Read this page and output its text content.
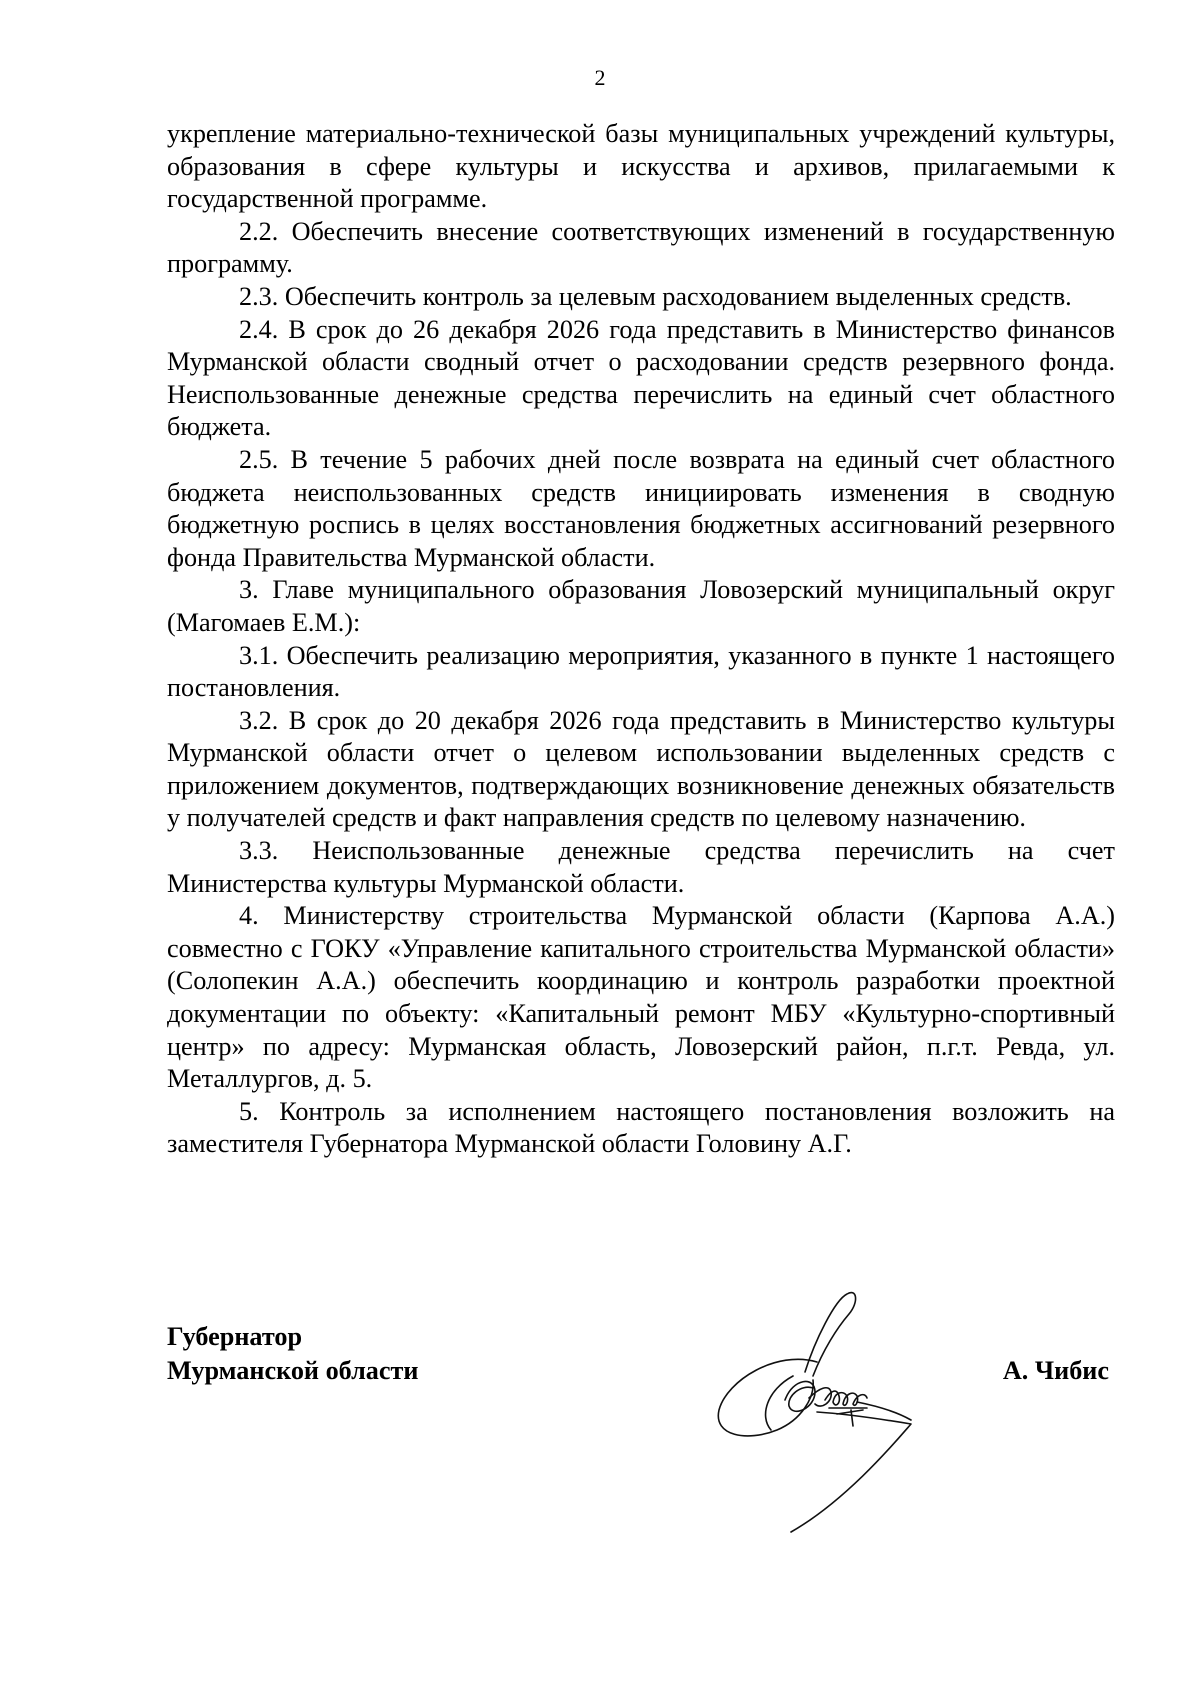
2

укрепление материально-технической базы муниципальных учреждений культуры, образования в сфере культуры и искусства и архивов, прилагаемыми к государственной программе.

2.2. Обеспечить внесение соответствующих изменений в государственную программу.

2.3. Обеспечить контроль за целевым расходованием выделенных средств.

2.4. В срок до 26 декабря 2026 года представить в Министерство финансов Мурманской области сводный отчет о расходовании средств резервного фонда. Неиспользованные денежные средства перечислить на единый счет областного бюджета.

2.5. В течение 5 рабочих дней после возврата на единый счет областного бюджета неиспользованных средств инициировать изменения в сводную бюджетную роспись в целях восстановления бюджетных ассигнований резервного фонда Правительства Мурманской области.

3. Главе муниципального образования Ловозерский муниципальный округ (Магомаев Е.М.):

3.1. Обеспечить реализацию мероприятия, указанного в пункте 1 настоящего постановления.

3.2. В срок до 20 декабря 2026 года представить в Министерство культуры Мурманской области отчет о целевом использовании выделенных средств с приложением документов, подтверждающих возникновение денежных обязательств у получателей средств и факт направления средств по целевому назначению.

3.3. Неиспользованные денежные средства перечислить на счет Министерства культуры Мурманской области.

4. Министерству строительства Мурманской области (Карпова А.А.) совместно с ГОКУ «Управление капитального строительства Мурманской области» (Солопекин А.А.) обеспечить координацию и контроль разработки проектной документации по объекту: «Капитальный ремонт МБУ «Культурно-спортивный центр» по адресу: Мурманская область, Ловозерский район, п.г.т. Ревда, ул. Металлургов, д. 5.

5. Контроль за исполнением настоящего постановления возложить на заместителя Губернатора Мурманской области Головину А.Г.

Губернатор
Мурманской области	А. Чибис
